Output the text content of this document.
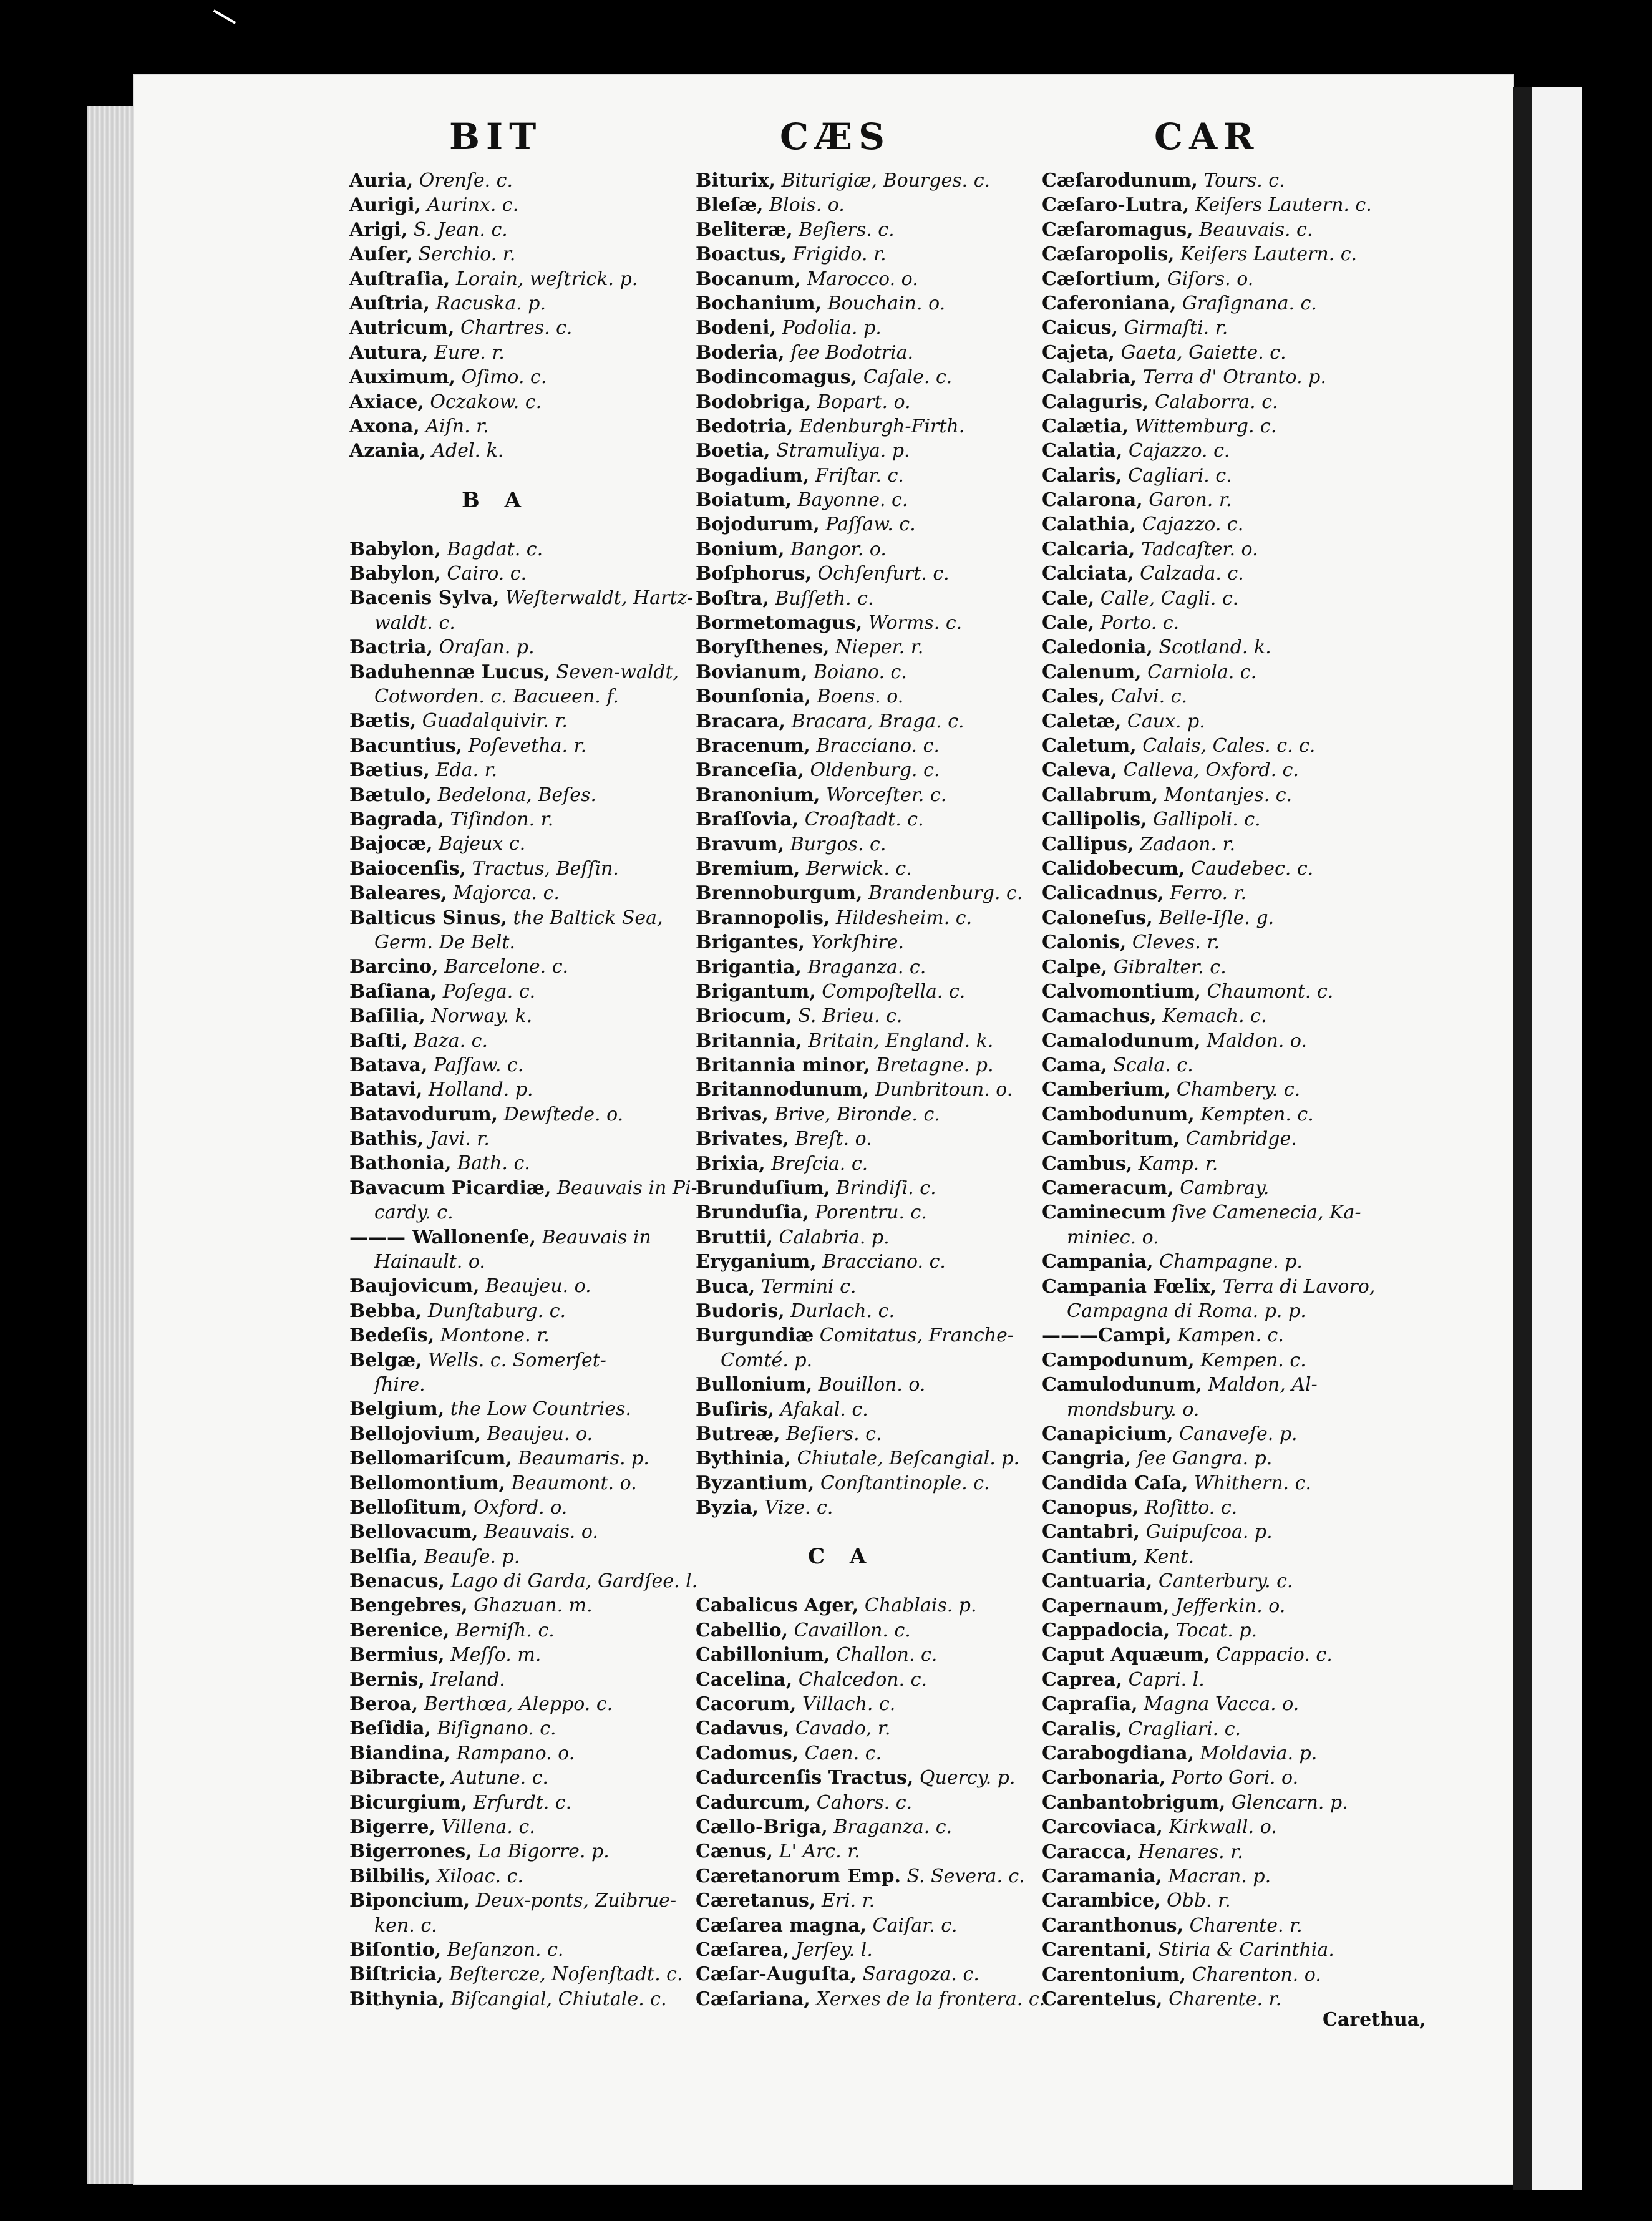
BIT	CÆS	CAR
Auria, Orenſe. c.
Aurigi, Aurinx. c.
Arigi, S. Jean. c.
Auſer, Serchio. r.
Auſtraſia, Lorain, weſtrick. p.
Auſtria, Racuska. p.
Autricum, Chartres. c.
Autura, Eure. r.
Auximum, Oſimo. c.
Axiace, Oczakow. c.
Axona, Aiſn. r.
Azania, Adel. k.
B A
Babylon, Bagdat. c.
Babylon, Cairo. c.
Bacenis Sylva, Weſterwaldt, Hartz-
waldt. c.
Bactria, Oraſan. p.
Baduhennæ Lucus, Seven-waldt,
Cotworden. c. Bacueen. f.
Bætis, Guadalquivir. r.
Bacuntius, Poſevetha. r.
Bætius, Eda. r.
Bætulo, Bedelona, Beſes.
Bagrada, Tiſindon. r.
Bajocæ, Bajeux c.
Baiocenſis, Tractus, Beſſin.
Baleares, Majorca. c.
Balticus Sinus, the Baltick Sea,
Germ. De Belt.
Barcino, Barcelone. c.
Baſiana, Poſega. c.
Baſilia, Norway. k.
Baſti, Baza. c.
Batava, Paſſaw. c.
Batavi, Holland. p.
Batavodurum, Dewſtede. o.
Bathis, Javi. r.
Bathonia, Bath. c.
Bavacum Picardiæ, Beauvais in Pi-
cardy. c.
——— Wallonenſe, Beauvais in
Hainault. o.
Baujovicum, Beaujeu. o.
Bebba, Dunſtaburg. c.
Bedeſis, Montone. r.
Belgæ, Wells. c. Somerſet-
ſhire.
Belgium, the Low Countries.
Bellojovium, Beaujeu. o.
Bellomariſcum, Beaumaris. p.
Bellomontium, Beaumont. o.
Belloſitum, Oxford. o.
Bellovacum, Beauvais. o.
Belſia, Beauſe. p.
Benacus, Lago di Garda, Gardſee. l.
Bengebres, Ghazuan. m.
Berenice, Berniſh. c.
Bermius, Meſſo. m.
Bernis, Ireland.
Beroa, Berthœa, Aleppo. c.
Beſidia, Biſignano. c.
Biandina, Rampano. o.
Bibracte, Autune. c.
Bicurgium, Erfurdt. c.
Bigerre, Villena. c.
Bigerrones, La Bigorre. p.
Bilbilis, Xiloac. c.
Biponcium, Deux-ponts, Zuibrue-
ken. c.
Biſontio, Beſanzon. c.
Biſtricia, Beſtercze, Noſenſtadt. c.
Bithynia, Biſcangial, Chiutale. c.
Biturix, Biturigiæ, Bourges. c.
Bleſæ, Blois. o.
Beliteræ, Beſiers. c.
Boactus, Frigido. r.
Bocanum, Marocco. o.
Bochanium, Bouchain. o.
Bodeni, Podolia. p.
Boderia, ſee Bodotria.
Bodincomagus, Caſale. c.
Bodobriga, Bopart. o.
Bedotria, Edenburgh-Firth.
Boetia, Stramuliya. p.
Bogadium, Friſtar. c.
Boiatum, Bayonne. c.
Bojodurum, Paſſaw. c.
Bonium, Bangor. o.
Boſphorus, Ochſenfurt. c.
Boſtra, Buſſeth. c.
Bormetomagus, Worms. c.
Boryſthenes, Nieper. r.
Bovianum, Boiano. c.
Bounſonia, Boens. o.
Bracara, Bracara, Braga. c.
Bracenum, Bracciano. c.
Branceſia, Oldenburg. c.
Branonium, Worceſter. c.
Braſſovia, Croaſtadt. c.
Bravum, Burgos. c.
Bremium, Berwick. c.
Brennoburgum, Brandenburg. c.
Brannopolis, Hildesheim. c.
Brigantes, Yorkſhire.
Brigantia, Braganza. c.
Brigantum, Compoſtella. c.
Briocum, S. Brieu. c.
Britannia, Britain, England. k.
Britannia minor, Bretagne. p.
Britannodunum, Dunbritoun. o.
Brivas, Brive, Bironde. c.
Brivates, Breſt. o.
Brixia, Breſcia. c.
Brunduſium, Brindiſi. c.
Brunduſia, Porentru. c.
Bruttii, Calabria. p.
Eryganium, Bracciano. c.
Buca, Termini c.
Budoris, Durlach. c.
Burgundiæ Comitatus, Franche-
Comté. p.
Bullonium, Bouillon. o.
Buſiris, Afakal. c.
Butreæ, Beſiers. c.
Bythinia, Chiutale, Beſcangial. p.
Byzantium, Conſtantinople. c.
Byzia, Vize. c.
C A
Cabalicus Ager, Chablais. p.
Cabellio, Cavaillon. c.
Cabillonium, Challon. c.
Cacelina, Chalcedon. c.
Cacorum, Villach. c.
Cadavus, Cavado, r.
Cadomus, Caen. c.
Cadurcenſis Tractus, Quercy. p.
Cadurcum, Cahors. c.
Cællo-Briga, Braganza. c.
Cænus, L' Arc. r.
Cæretanorum Emp. S. Severa. c.
Cæretanus, Eri. r.
Cæſarea magna, Caiſar. c.
Cæſarea, Jerſey. l.
Cæſar-Auguſta, Saragoza. c.
Cæſariana, Xerxes de la frontera. c.
Cæſarodunum, Tours. c.
Cæſaro-Lutra, Keiſers Lautern. c.
Cæſaromagus, Beauvais. c.
Cæſaropolis, Keiſers Lautern. c.
Cæſortium, Giſors. o.
Caferoniana, Graſignana. c.
Caicus, Girmaſti. r.
Cajeta, Gaeta, Gaiette. c.
Calabria, Terra d' Otranto. p.
Calaguris, Calaborra. c.
Calætia, Wittemburg. c.
Calatia, Cajazzo. c.
Calaris, Cagliari. c.
Calarona, Garon. r.
Calathia, Cajazzo. c.
Calcaria, Tadcaſter. o.
Calciata, Calzada. c.
Cale, Calle, Cagli. c.
Cale, Porto. c.
Caledonia, Scotland. k.
Calenum, Carniola. c.
Cales, Calvi. c.
Caletæ, Caux. p.
Caletum, Calais, Cales. c. c.
Caleva, Calleva, Oxford. c.
Callabrum, Montanjes. c.
Callipolis, Gallipoli. c.
Callipus, Zadaon. r.
Calidobecum, Caudebec. c.
Calicadnus, Ferro. r.
Caloneſus, Belle-Iſle. g.
Calonis, Cleves. r.
Calpe, Gibralter. c.
Calvomontium, Chaumont. c.
Camachus, Kemach. c.
Camalodunum, Maldon. o.
Cama, Scala. c.
Camberium, Chambery. c.
Cambodunum, Kempten. c.
Camboritum, Cambridge.
Cambus, Kamp. r.
Cameracum, Cambray.
Caminecum ſive Camenecia, Ka-
miniec. o.
Campania, Champagne. p.
Campania Fœlix, Terra di Lavoro,
Campagna di Roma. p. p.
———Campi, Kampen. c.
Campodunum, Kempen. c.
Camulodunum, Maldon, Al-
mondsbury. o.
Canapicium, Canaveſe. p.
Cangria, ſee Gangra. p.
Candida Caſa, Whithern. c.
Canopus, Roſitto. c.
Cantabri, Guipuſcoa. p.
Cantium, Kent.
Cantuaria, Canterbury. c.
Capernaum, Jefferkin. o.
Cappadocia, Tocat. p.
Caput Aquæum, Cappacio. c.
Caprea, Capri. l.
Capraſia, Magna Vacca. o.
Caralis, Cragliari. c.
Carabogdiana, Moldavia. p.
Carbonaria, Porto Gori. o.
Canbantobrigum, Glencarn. p.
Carcoviaca, Kirkwall. o.
Caracca, Henares. r.
Caramania, Macran. p.
Carambice, Obb. r.
Caranthonus, Charente. r.
Carentani, Stiria & Carinthia.
Carentonium, Charenton. o.
Carentelus, Charente. r.
Carethua,
